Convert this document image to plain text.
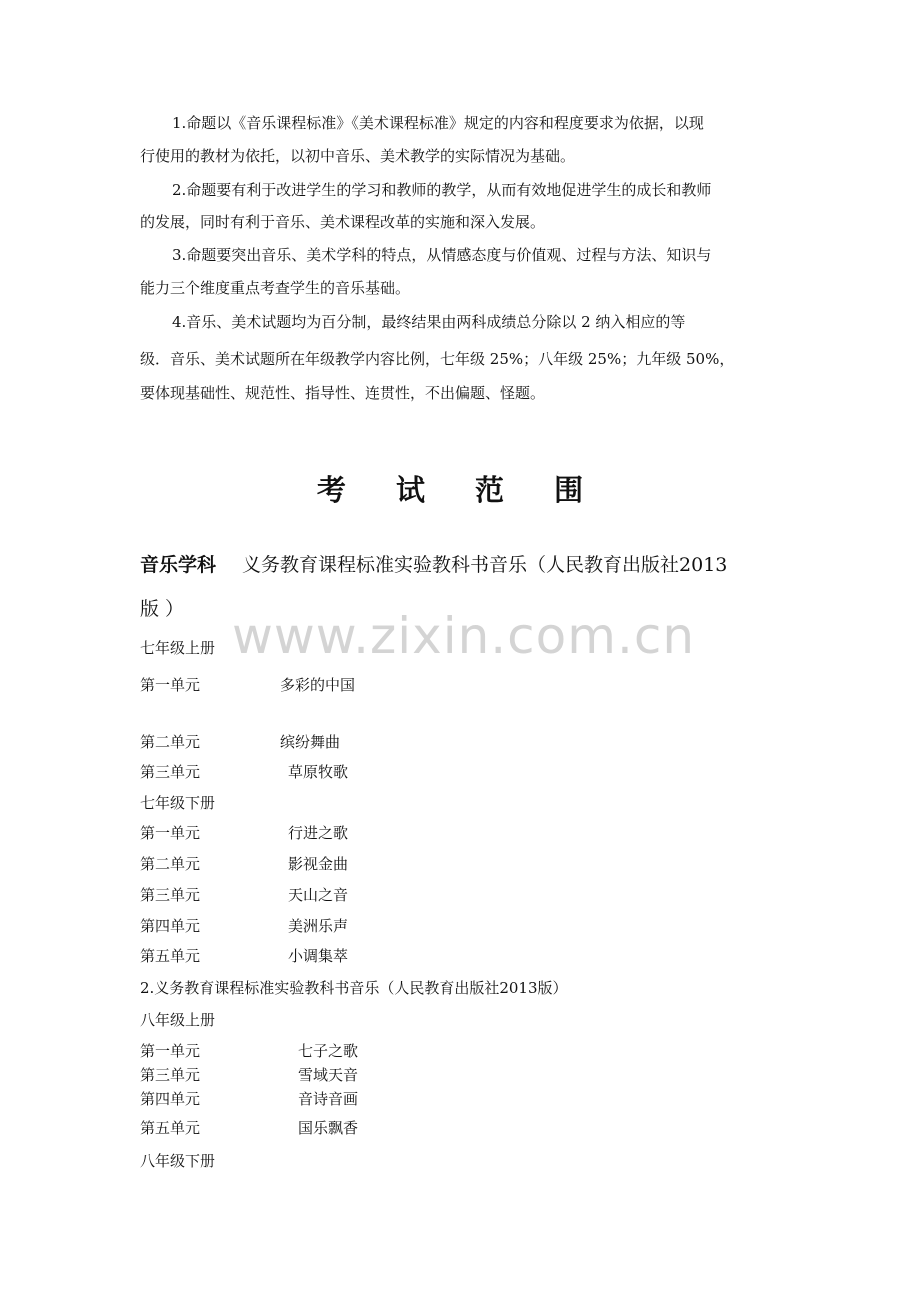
1.命题以《音乐课程标准》《美术课程标准》规定的内容和程度要求为依据，以现
行使用的教材为依托，以初中音乐、美术教学的实际情况为基础。
2.命题要有利于改进学生的学习和教师的教学，从而有效地促进学生的成长和教师
的发展，同时有利于音乐、美术课程改革的实施和深入发展。
3.命题要突出音乐、美术学科的特点，从情感态度与价值观、过程与方法、知识与
能力三个维度重点考查学生的音乐基础。
4.音乐、美术试题均为百分制，最终结果由两科成绩总分除以 2 纳入相应的等
级．音乐、美术试题所在年级教学内容比例，七年级 25%；八年级 25%；九年级 50%，
要体现基础性、规范性、指导性、连贯性，不出偏题、怪题。
考 试 范 围
音乐学科 义务教育课程标准实验教科书音乐（人民教育出版社2013
版 ） www.zixin.com.cn
七年级上册
第一单元	多彩的中国
第二单元	缤纷舞曲
第三单元	草原牧歌
七年级下册
第一单元	行进之歌
第二单元	影视金曲
第三单元	天山之音
第四单元	美洲乐声
第五单元	小调集萃
2.义务教育课程标准实验教科书音乐（人民教育出版社2013版）
八年级上册
第一单元	七子之歌
第三单元	雪域天音
第四单元	音诗音画
第五单元	国乐飘香
八年级下册
